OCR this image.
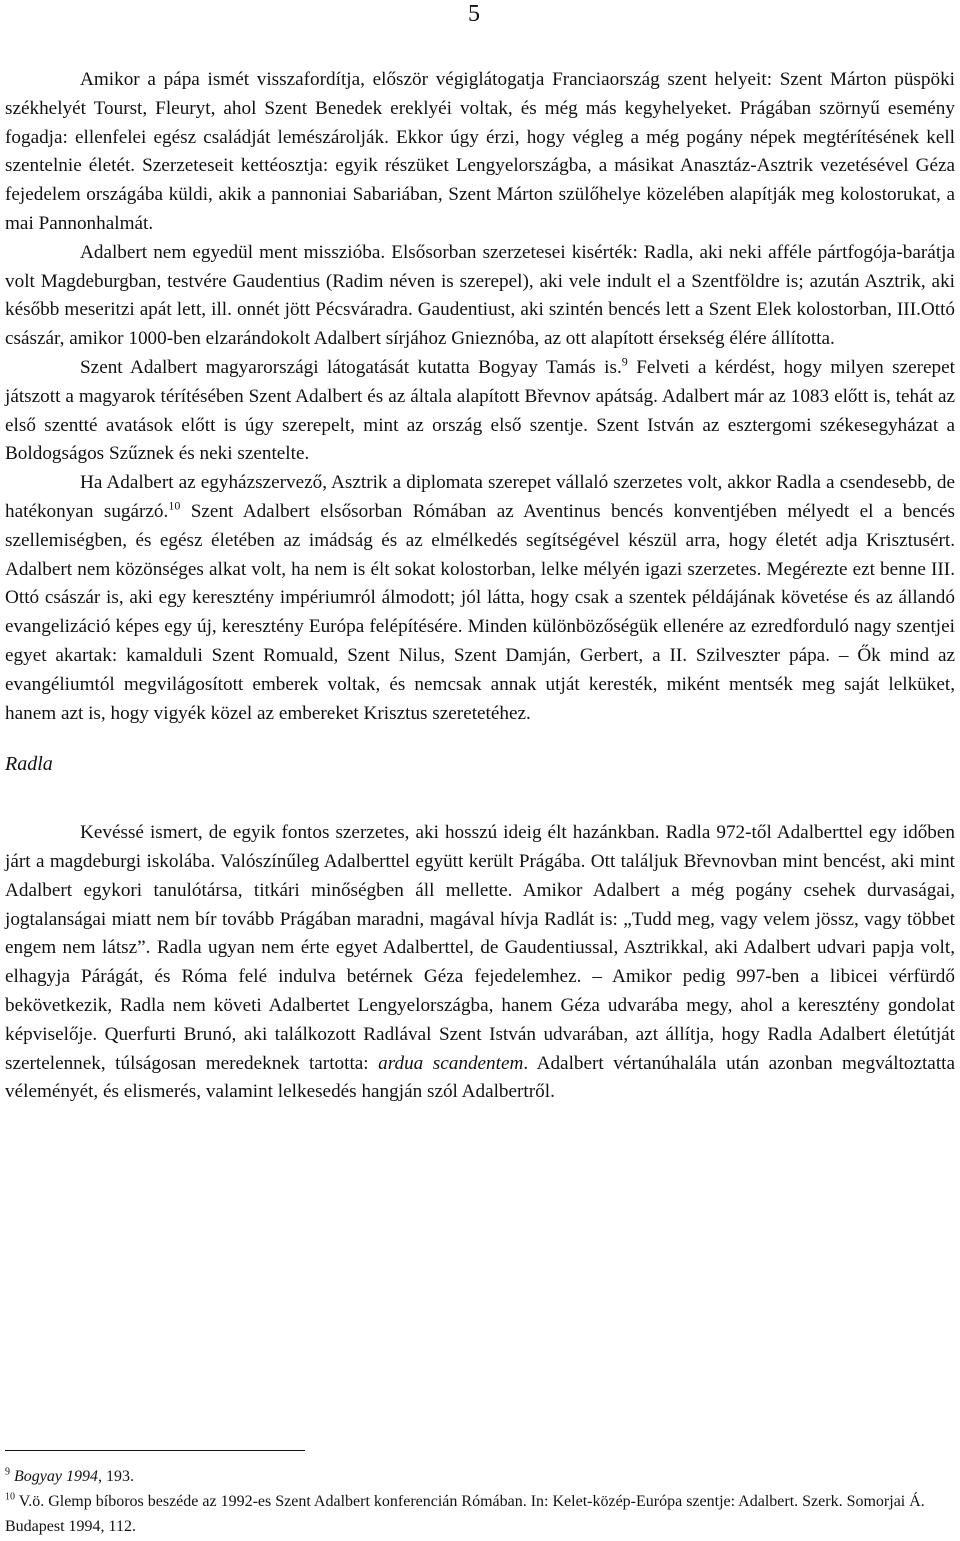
5

Amikor a pápa ismét visszafordítja, először végiglátogatja Franciaország szent helyeit: Szent Márton püspöki székhelyét Tourst, Fleuryt, ahol Szent Benedek ereklyéi voltak, és még más kegyhelyeket. Prágában szörnyű esemény fogadja: ellenfelei egész családját lemészárolják. Ekkor úgy érzi, hogy végleg a még pogány népek megtérítésének kell szentelnie életét. Szerzeteseit kettéosztja: egyik részüket Lengyelországba, a másikat Anasztáz-Asztrik vezetésével Géza fejedelem országába küldi, akik a pannoniai Sabariában, Szent Márton szülőhelye közelében alapítják meg kolostorukat, a mai Pannonhalmát.

Adalbert nem egyedül ment misszióba. Elsősorban szerzetesei kisérték: Radla, aki neki afféle pártfogója-barátja volt Magdeburgban, testvére Gaudentius (Radim néven is szerepel), aki vele indult el a Szentföldre is; azután Asztrik, aki később meseritzi apát lett, ill. onnét jött Pécsváradra. Gaudentiust, aki szintén bencés lett a Szent Elek kolostorban, III.Ottó császár, amikor 1000-ben elzarándokolt Adalbert sírjához Gnieznóba, az ott alapított érsekség élére állította.

Szent Adalbert magyarországi látogatását kutatta Bogyay Tamás is.$^9$ Felveti a kérdést, hogy milyen szerepet játszott a magyarok térítésében Szent Adalbert és az általa alapított Břevnov apátság. Adalbert már az 1083 előtt is, tehát az első szentté avatások előtt is úgy szerepelt, mint az ország első szentje. Szent István az esztergomi székesegyházat a Boldogságos Szűznek és neki szentelte.

Ha Adalbert az egyházszervező, Asztrik a diplomata szerepet vállaló szerzetes volt, akkor Radla a csendesebb, de hatékonyan sugárzó.$^{10}$ Szent Adalbert elsősorban Rómában az Aventinus bencés konventjében mélyedt el a bencés szellemiségben, és egész életében az imádság és az elmélkedés segítségével készül arra, hogy életét adja Krisztusért. Adalbert nem közönséges alkat volt, ha nem is élt sokat kolostorban, lelke mélyén igazi szerzetes. Megérezte ezt benne III. Ottó császár is, aki egy keresztény impériumról álmodott; jól látta, hogy csak a szentek példájának követése és az állandó evangelizáció képes egy új, keresztény Európa felépítésére. Minden különbözőségük ellenére az ezredforduló nagy szentjei egyet akartak: kamalduli Szent Romuald, Szent Nilus, Szent Damján, Gerbert, a II. Szilveszter pápa. – Ők mind az evangéliumtól megvilágosított emberek voltak, és nemcsak annak utját keresték, miként mentsék meg saját lelküket, hanem azt is, hogy vigyék közel az embereket Krisztus szeretetéhez.

Radla

Kevéssé ismert, de egyik fontos szerzetes, aki hosszú ideig élt hazánkban. Radla 972-től Adalberttel egy időben járt a magdeburgi iskolába. Valószínűleg Adalberttel együtt került Prágába. Ott találjuk Břevnovban mint bencést, aki mint Adalbert egykori tanulótársa, titkári minőségben áll mellette. Amikor Adalbert a még pogány csehek durvaságai, jogtalanságai miatt nem bír tovább Prágában maradni, magával hívja Radlát is: „Tudd meg, vagy velem jössz, vagy többet engem nem látsz”. Radla ugyan nem érte egyet Adalberttel, de Gaudentiussal, Asztrikkal, aki Adalbert udvari papja volt, elhagyja Párágát, és Róma felé indulva betérnek Géza fejedelemhez. – Amikor pedig 997-ben a libicei vérfürdő bekövetkezik, Radla nem követi Adalbertet Lengyelországba, hanem Géza udvarába megy, ahol a keresztény gondolat képviselője. Querfurti Brunó, aki találkozott Radlával Szent István udvarában, azt állítja, hogy Radla Adalbert életútját szertelennek, túlságosan meredeknek tartotta: ardua scandentem. Adalbert vértanúhalála után azonban megváltoztatta véleményét, és elismerés, valamint lelkesedés hangján szól Adalbertről.

$^9$ Bogyay 1994, 193.

$^{10}$ V.ö. Glemp bíboros beszéde az 1992-es Szent Adalbert konferencián Rómában. In: Kelet-közép-Európa szentje: Adalbert. Szerk. Somorjai Á. Budapest 1994, 112.
